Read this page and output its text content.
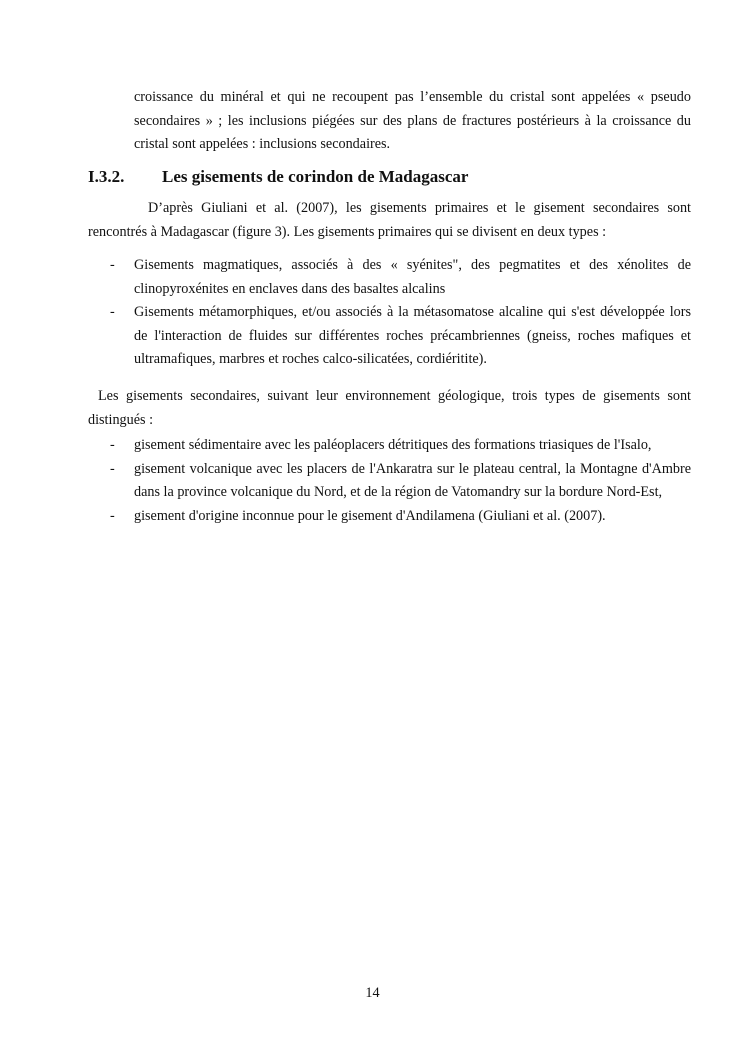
croissance du minéral et qui ne recoupent pas l’ensemble du cristal sont appelées « pseudo secondaires » ; les inclusions piégées sur des plans de fractures postérieurs à la croissance du cristal sont appelées : inclusions secondaires.

I.3.2. Les gisements de corindon de Madagascar

D’après Giuliani et al. (2007), les gisements primaires et le gisement secondaires sont rencontrés à Madagascar (figure 3). Les gisements primaires qui se divisent en deux types :

-	Gisements magmatiques, associés à des « syénites", des pegmatites et des xénolites de clinopyroxénites en enclaves dans des basaltes alcalins
-	Gisements métamorphiques, et/ou associés à la métasomatose alcaline qui s'est développée lors de l'interaction de fluides sur différentes roches précambriennes (gneiss, roches mafiques et ultramafiques, marbres et roches calco-silicatées, cordiéritite).

Les gisements secondaires, suivant leur environnement géologique, trois types de gisements sont distingués :

-	gisement sédimentaire avec les paléoplacers détritiques des formations triasiques de l'Isalo,
-	gisement volcanique avec les placers de l'Ankaratra sur le plateau central, la Montagne d'Ambre dans la province volcanique du Nord, et de la région de Vatomandry sur la bordure Nord-Est,
-	gisement d'origine inconnue pour le gisement d'Andilamena (Giuliani et al. (2007).
14
